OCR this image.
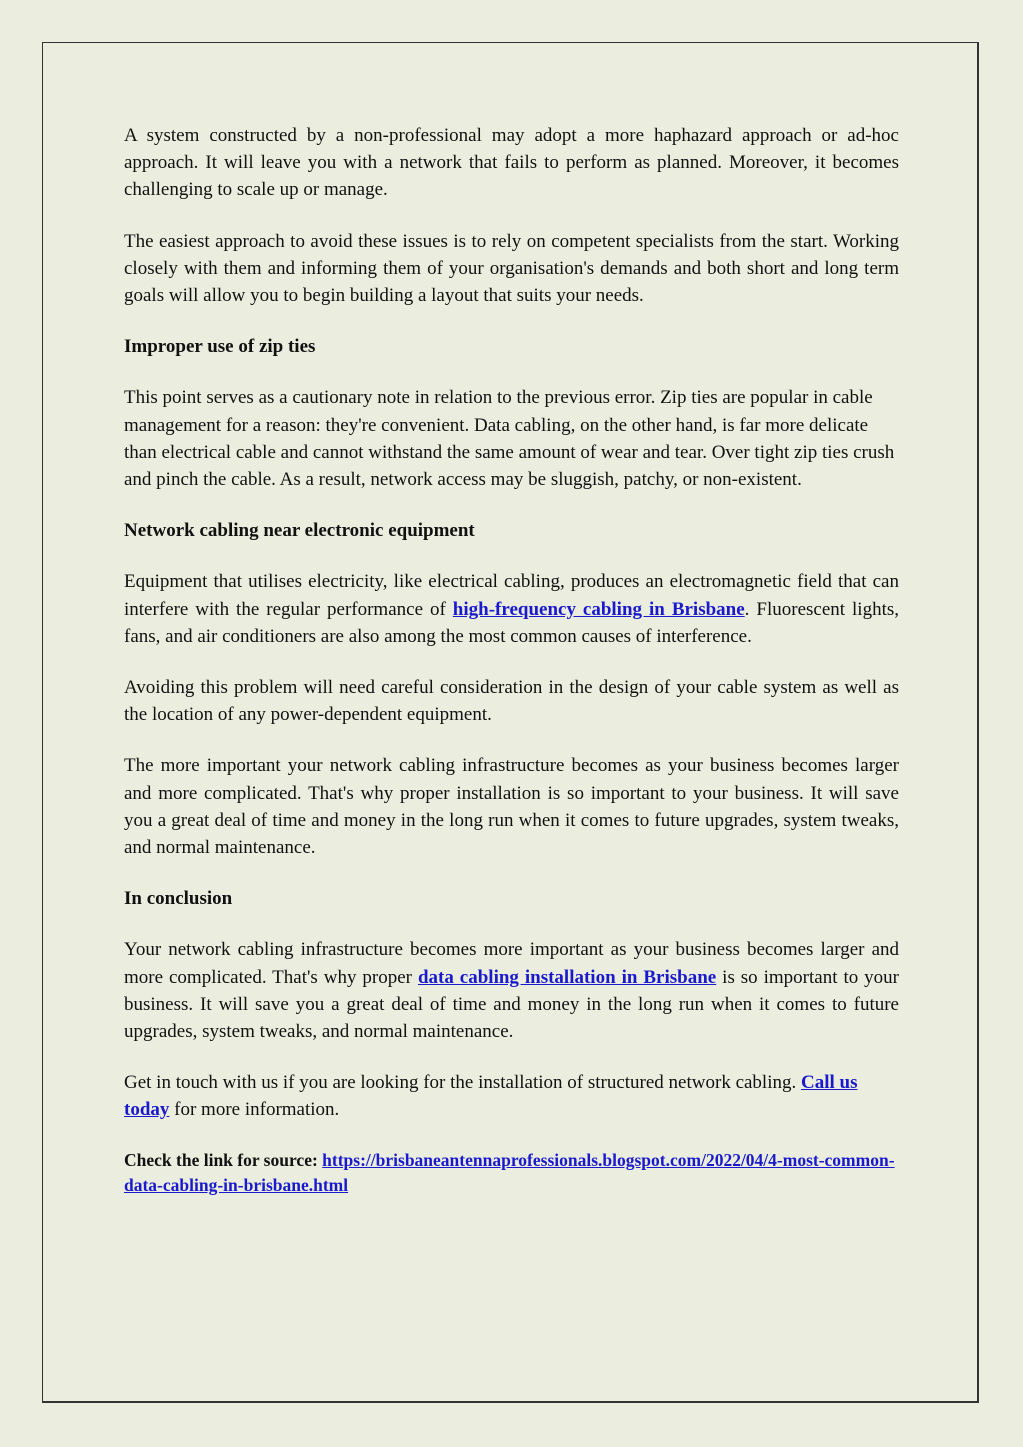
A system constructed by a non-professional may adopt a more haphazard approach or ad-hoc approach. It will leave you with a network that fails to perform as planned. Moreover, it becomes challenging to scale up or manage.

The easiest approach to avoid these issues is to rely on competent specialists from the start. Working closely with them and informing them of your organisation's demands and both short and long term goals will allow you to begin building a layout that suits your needs.

Improper use of zip ties

This point serves as a cautionary note in relation to the previous error. Zip ties are popular in cable management for a reason: they're convenient. Data cabling, on the other hand, is far more delicate than electrical cable and cannot withstand the same amount of wear and tear. Over tight zip ties crush and pinch the cable. As a result, network access may be sluggish, patchy, or non-existent.

Network cabling near electronic equipment

Equipment that utilises electricity, like electrical cabling, produces an electromagnetic field that can interfere with the regular performance of high-frequency cabling in Brisbane. Fluorescent lights, fans, and air conditioners are also among the most common causes of interference.

Avoiding this problem will need careful consideration in the design of your cable system as well as the location of any power-dependent equipment.

The more important your network cabling infrastructure becomes as your business becomes larger and more complicated. That's why proper installation is so important to your business. It will save you a great deal of time and money in the long run when it comes to future upgrades, system tweaks, and normal maintenance.

In conclusion

Your network cabling infrastructure becomes more important as your business becomes larger and more complicated. That's why proper data cabling installation in Brisbane is so important to your business. It will save you a great deal of time and money in the long run when it comes to future upgrades, system tweaks, and normal maintenance.

Get in touch with us if you are looking for the installation of structured network cabling. Call us today for more information.

Check the link for source: https://brisbaneantennaprofessionals.blogspot.com/2022/04/4-most-common-data-cabling-in-brisbane.html
